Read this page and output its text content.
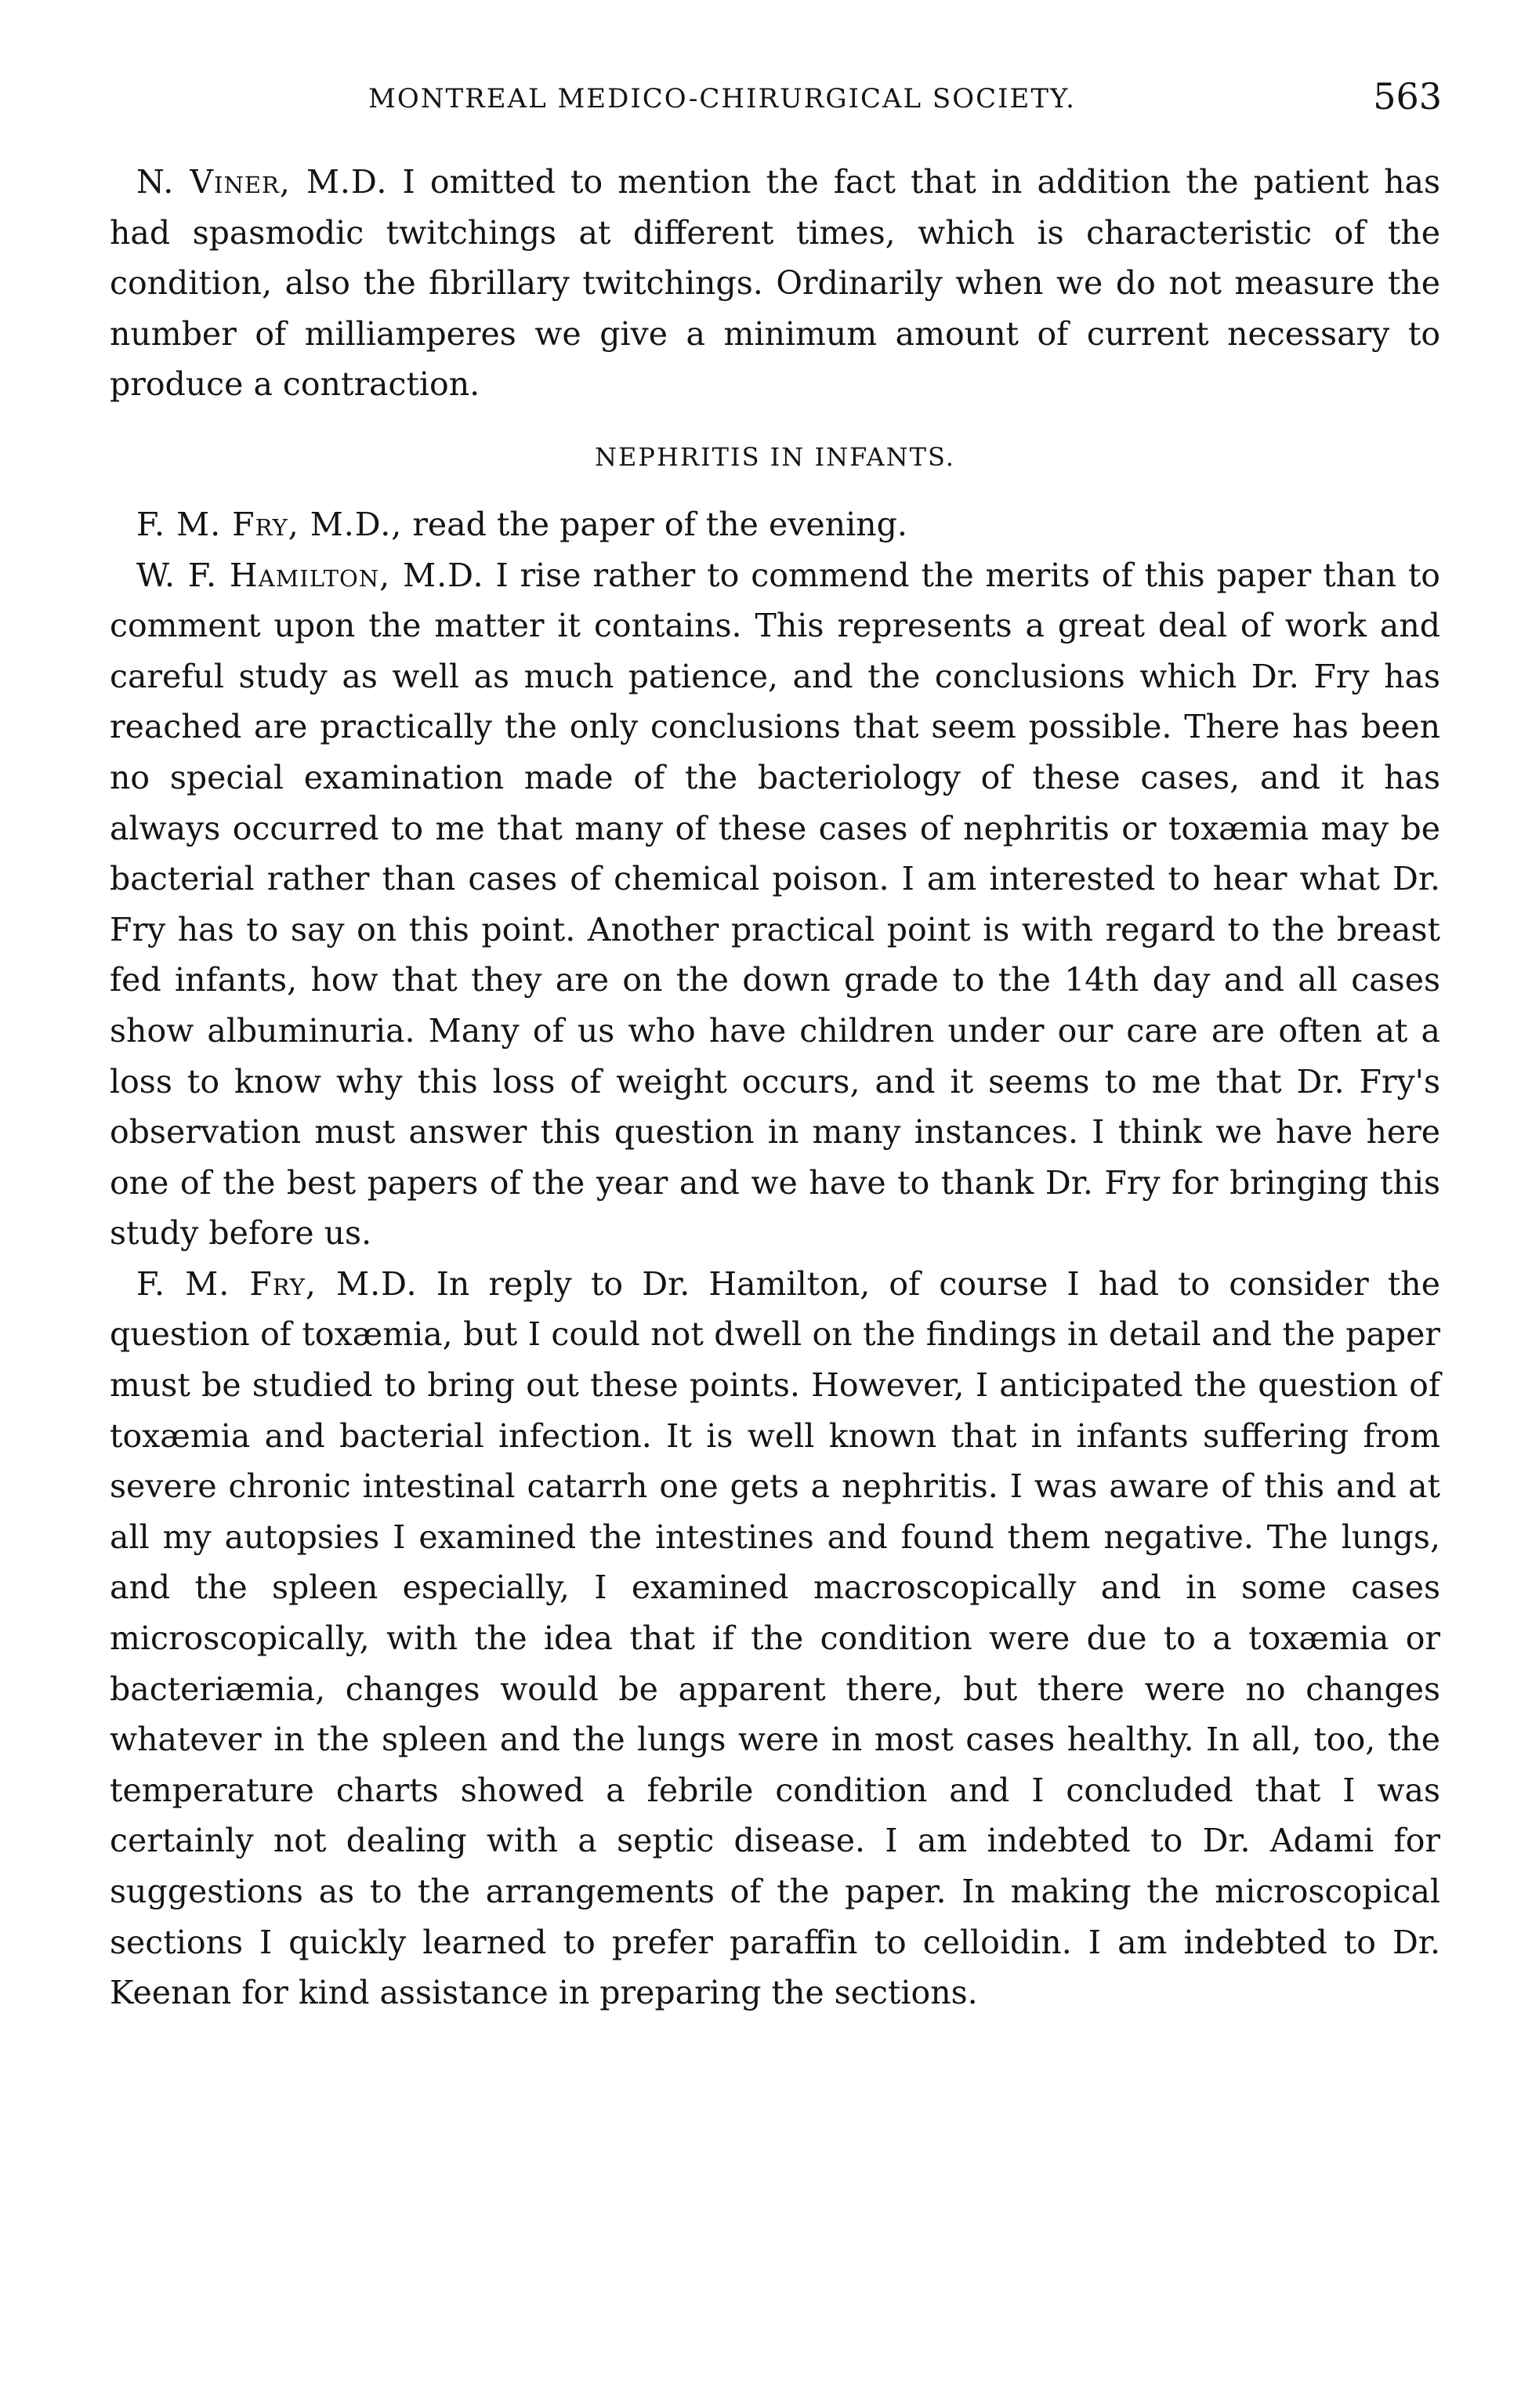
MONTREAL MEDICO-CHIRURGICAL SOCIETY.	563

N. Viner, M.D. I omitted to mention the fact that in addition the patient has had spasmodic twitchings at different times, which is characteristic of the condition, also the fibrillary twitchings. Ordinarily when we do not measure the number of milliamperes we give a minimum amount of current necessary to produce a contraction.

NEPHRITIS IN INFANTS.

F. M. Fry, M.D., read the paper of the evening.

W. F. Hamilton, M.D. I rise rather to commend the merits of this paper than to comment upon the matter it contains. This represents a great deal of work and careful study as well as much patience, and the conclusions which Dr. Fry has reached are practically the only conclusions that seem possible. There has been no special examination made of the bacteriology of these cases, and it has always occurred to me that many of these cases of nephritis or toxæmia may be bacterial rather than cases of chemical poison. I am interested to hear what Dr. Fry has to say on this point. Another practical point is with regard to the breast fed infants, how that they are on the down grade to the 14th day and all cases show albuminuria. Many of us who have children under our care are often at a loss to know why this loss of weight occurs, and it seems to me that Dr. Fry's observation must answer this question in many instances. I think we have here one of the best papers of the year and we have to thank Dr. Fry for bringing this study before us.

F. M. Fry, M.D. In reply to Dr. Hamilton, of course I had to consider the question of toxæmia, but I could not dwell on the findings in detail and the paper must be studied to bring out these points. However, I anticipated the question of toxæmia and bacterial infection. It is well known that in infants suffering from severe chronic intestinal catarrh one gets a nephritis. I was aware of this and at all my autopsies I examined the intestines and found them negative. The lungs, and the spleen especially, I examined macroscopically and in some cases microscopically, with the idea that if the condition were due to a toxæmia or bacteriæmia, changes would be apparent there, but there were no changes whatever in the spleen and the lungs were in most cases healthy. In all, too, the temperature charts showed a febrile condition and I concluded that I was certainly not dealing with a septic disease. I am indebted to Dr. Adami for suggestions as to the arrangements of the paper. In making the microscopical sections I quickly learned to prefer paraffin to celloidin. I am indebted to Dr. Keenan for kind assistance in preparing the sections.
